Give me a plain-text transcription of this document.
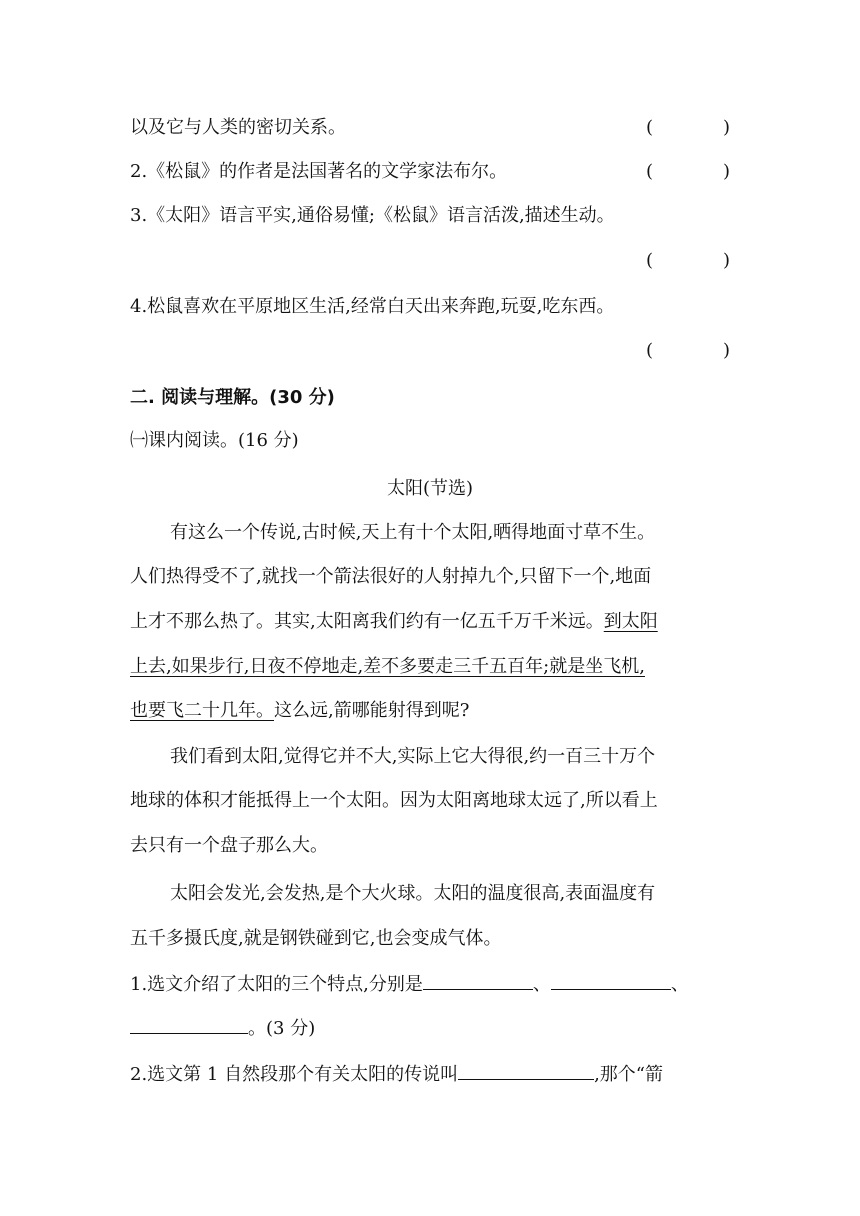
以及它与人类的密切关系。	(	)
2.《松鼠》的作者是法国著名的文学家法布尔。	(	)
3.《太阳》语言平实,通俗易懂;《松鼠》语言活泼,描述生动。
(	)
4.松鼠喜欢在平原地区生活,经常白天出来奔跑,玩耍,吃东西。
(	)
二. 阅读与理解。(30 分)
㈠课内阅读。(16 分)
太阳(节选)
有这么一个传说,古时候,天上有十个太阳,晒得地面寸草不生。
人们热得受不了,就找一个箭法很好的人射掉九个,只留下一个,地面
上才不那么热了。其实,太阳离我们约有一亿五千万千米远。到太阳
上去,如果步行,日夜不停地走,差不多要走三千五百年;就是坐飞机,
也要飞二十几年。这么远,箭哪能射得到呢?
我们看到太阳,觉得它并不大,实际上它大得很,约一百三十万个
地球的体积才能抵得上一个太阳。因为太阳离地球太远了,所以看上
去只有一个盘子那么大。
太阳会发光,会发热,是个大火球。太阳的温度很高,表面温度有
五千多摄氏度,就是钢铁碰到它,也会变成气体。
1.选文介绍了太阳的三个特点,分别是	、	、
。(3 分)
2.选文第 1 自然段那个有关太阳的传说叫	,那个“箭
